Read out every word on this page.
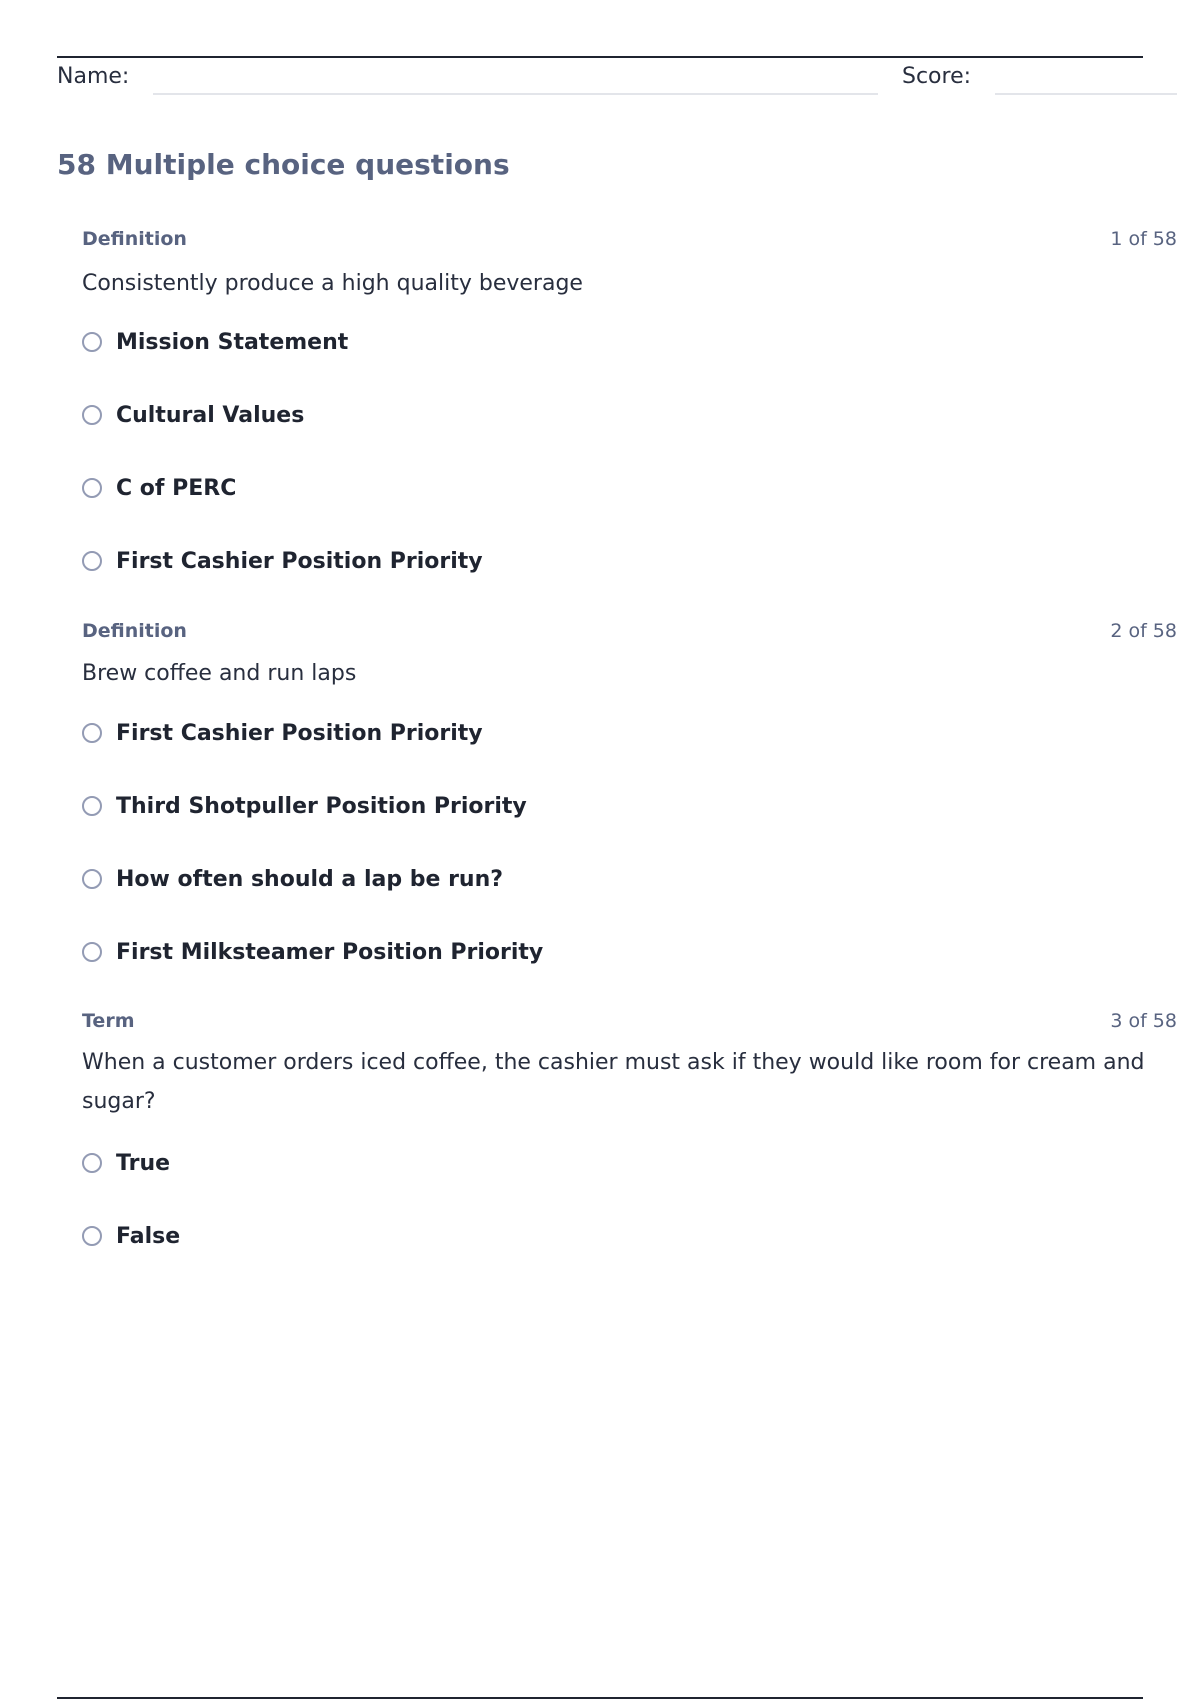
Name:	Score:
58 Multiple choice questions
Definition	1 of 58
Consistently produce a high quality beverage
Mission Statement
Cultural Values
C of PERC
First Cashier Position Priority
Definition	2 of 58
Brew coffee and run laps
First Cashier Position Priority
Third Shotpuller Position Priority
How often should a lap be run?
First Milksteamer Position Priority
Term	3 of 58
When a customer orders iced coffee, the cashier must ask if they would like room for cream and sugar?
True
False
